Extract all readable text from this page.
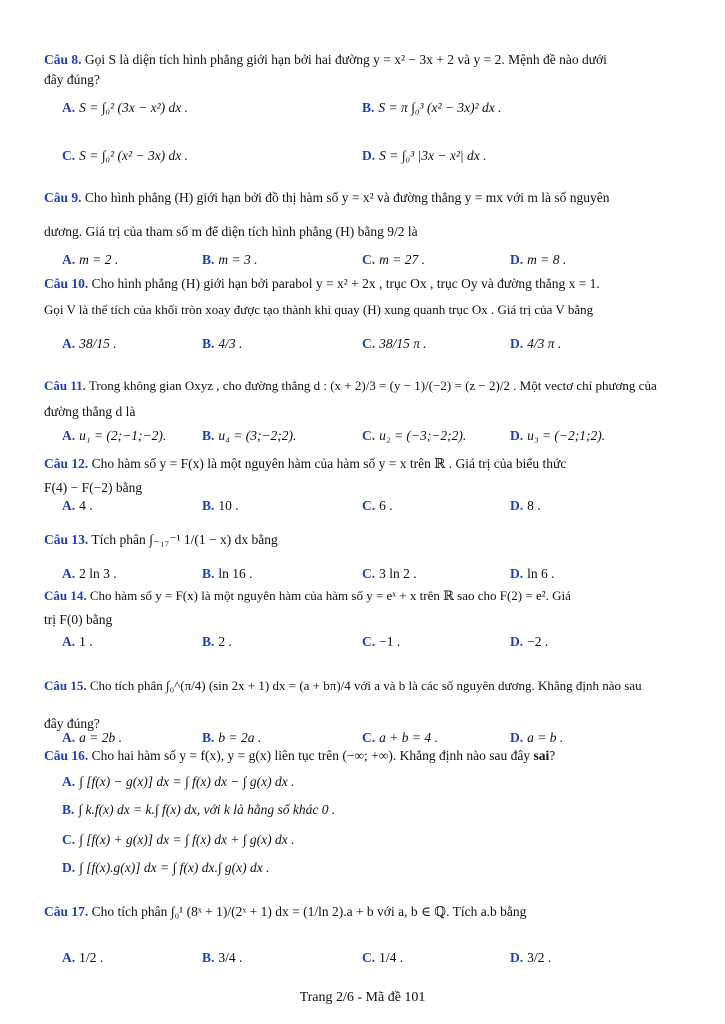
Câu 8. Gọi S là diện tích hình phẳng giới hạn bởi hai đường y = x² − 3x + 2 và y = 2. Mệnh đề nào dưới
đây đúng?
A. S = ∫₀² (3x − x²) dx .	B. S = π ∫₀³ (x² − 3x)² dx .
C. S = ∫₀² (x² − 3x) dx .	D. S = ∫₀³ |3x − x²| dx .
Câu 9. Cho hình phẳng (H) giới hạn bởi đồ thị hàm số y = x² và đường thẳng y = mx với m là số nguyên
dương. Giá trị của tham số m để diện tích hình phẳng (H) bằng 9/2 là
A. m = 2 .	B. m = 3 .	C. m = 27 .	D. m = 8 .
Câu 10. Cho hình phẳng (H) giới hạn bởi parabol y = x² + 2x , trục Ox , trục Oy và đường thẳng x = 1.
Gọi V là thể tích của khối tròn xoay được tạo thành khi quay (H) xung quanh trục Ox . Giá trị của V bằng
A. 38/15 .	B. 4/3 .	C. 38/15 π .	D. 4/3 π .
Câu 11. Trong không gian Oxyz , cho đường thẳng d : (x + 2)/3 = (y − 1)/(−2) = (z − 2)/2 . Một vectơ chỉ phương của
đường thẳng d là
A. u₁ = (2;−1;−2).	B. u₄ = (3;−2;2).	C. u₂ = (−3;−2;2).	D. u₃ = (−2;1;2).
Câu 12. Cho hàm số y = F(x) là một nguyên hàm của hàm số y = x trên ℝ . Giá trị của biểu thức
F(4) − F(−2) bằng
A. 4 .	B. 10 .	C. 6 .	D. 8 .
Câu 13. Tích phân ∫₋₁₇⁻¹ 1/(1 − x) dx bằng
A. 2 ln 3 .	B. ln 16 .	C. 3 ln 2 .	D. ln 6 .
Câu 14. Cho hàm số y = F(x) là một nguyên hàm của hàm số y = eˣ + x trên ℝ sao cho F(2) = e². Giá
trị F(0) bằng
A. 1 .	B. 2 .	C. −1 .	D. −2 .
Câu 15. Cho tích phân ∫₀^(π/4) (sin 2x + 1) dx = (a + bπ)/4 với a và b là các số nguyên dương. Khẳng định nào sau
đây đúng?
A. a = 2b .	B. b = 2a .	C. a + b = 4 .	D. a = b .
Câu 16. Cho hai hàm số y = f(x), y = g(x) liên tục trên (−∞; +∞). Khẳng định nào sau đây sai?
A. ∫ [f(x) − g(x)] dx = ∫ f(x) dx − ∫ g(x) dx .
B. ∫ k.f(x) dx = k.∫ f(x) dx, với k là hằng số khác 0 .
C. ∫ [f(x) + g(x)] dx = ∫ f(x) dx + ∫ g(x) dx .
D. ∫ [f(x).g(x)] dx = ∫ f(x) dx.∫ g(x) dx .
Câu 17. Cho tích phân ∫₀¹ (8ˣ + 1)/(2ˣ + 1) dx = (1/ln 2).a + b với a, b ∈ ℚ. Tích a.b bằng
A. 1/2 .	B. 3/4 .	C. 1/4 .	D. 3/2 .
Trang 2/6 - Mã đề 101
